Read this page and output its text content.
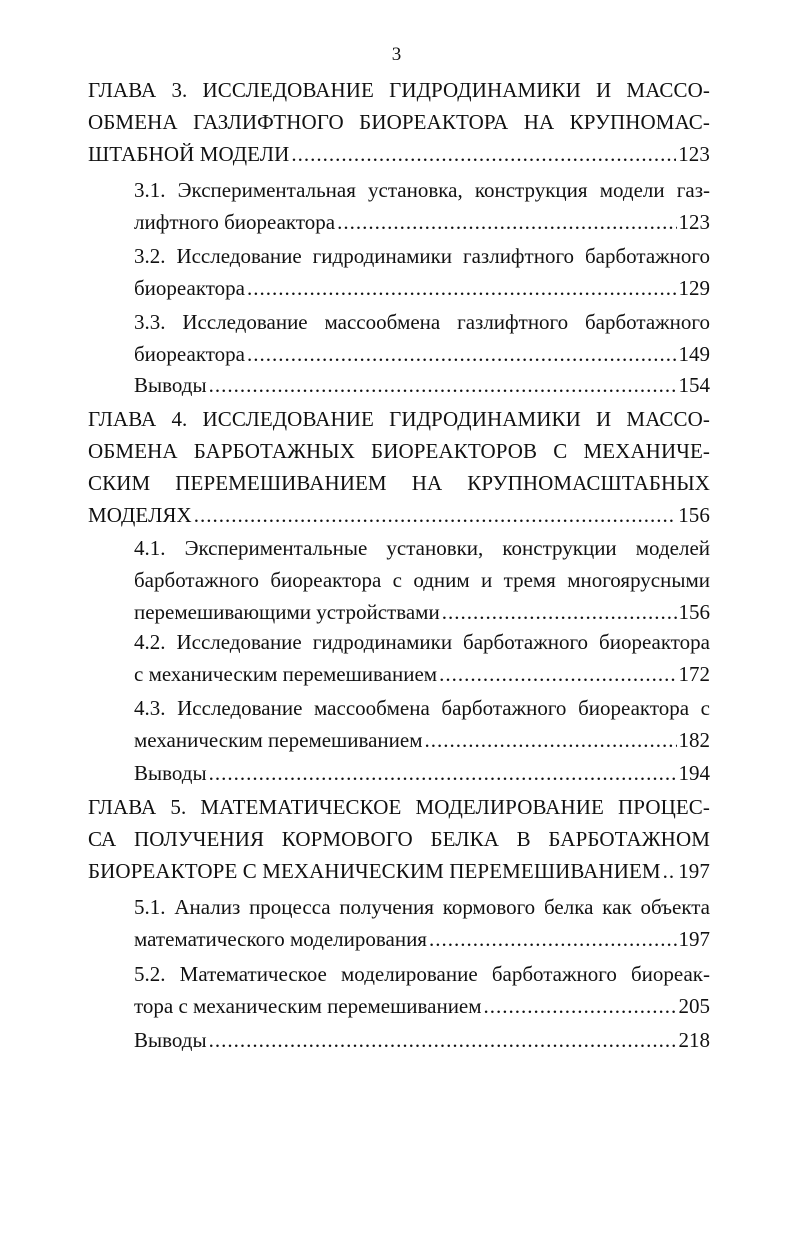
3
ГЛАВА 3. ИССЛЕДОВАНИЕ ГИДРОДИНАМИКИ И МАССО-
ОБМЕНА ГАЗЛИФТНОГО БИОРЕАКТОРА НА КРУПНОМАС-
ШТАБНОЙ МОДЕЛИ .....	123
3.1. Экспериментальная установка, конструкция модели газ-
лифтного биореактора .....	123
3.2. Исследование гидродинамики газлифтного барботажного
биореактора .....	129
3.3. Исследование массообмена газлифтного барботажного
биореактора .....	149
Выводы .....	154
ГЛАВА 4. ИССЛЕДОВАНИЕ ГИДРОДИНАМИКИ И МАССО-
ОБМЕНА БАРБОТАЖНЫХ БИОРЕАКТОРОВ С МЕХАНИЧЕ-
СКИМ ПЕРЕМЕШИВАНИЕМ НА КРУПНОМАСШТАБНЫХ
МОДЕЛЯХ .....	156
4.1. Экспериментальные установки, конструкции моделей
барботажного биореактора с одним и тремя многоярусными
перемешивающими устройствами .....	156
4.2. Исследование гидродинамики барботажного биореактора
с механическим перемешиванием .....	172
4.3. Исследование массообмена барботажного биореактора с
механическим перемешиванием .....	182
Выводы .....	194
ГЛАВА 5. МАТЕМАТИЧЕСКОЕ МОДЕЛИРОВАНИЕ ПРОЦЕС-
СА ПОЛУЧЕНИЯ КОРМОВОГО БЕЛКА В БАРБОТАЖНОМ
БИОРЕАКТОРЕ С МЕХАНИЧЕСКИМ ПЕРЕМЕШИВАНИЕМ ..... 197
5.1. Анализ процесса получения кормового белка как объекта
математического моделирования .....	197
5.2. Математическое моделирование барботажного биореак-
тора с механическим перемешиванием .....	205
Выводы .....	218
